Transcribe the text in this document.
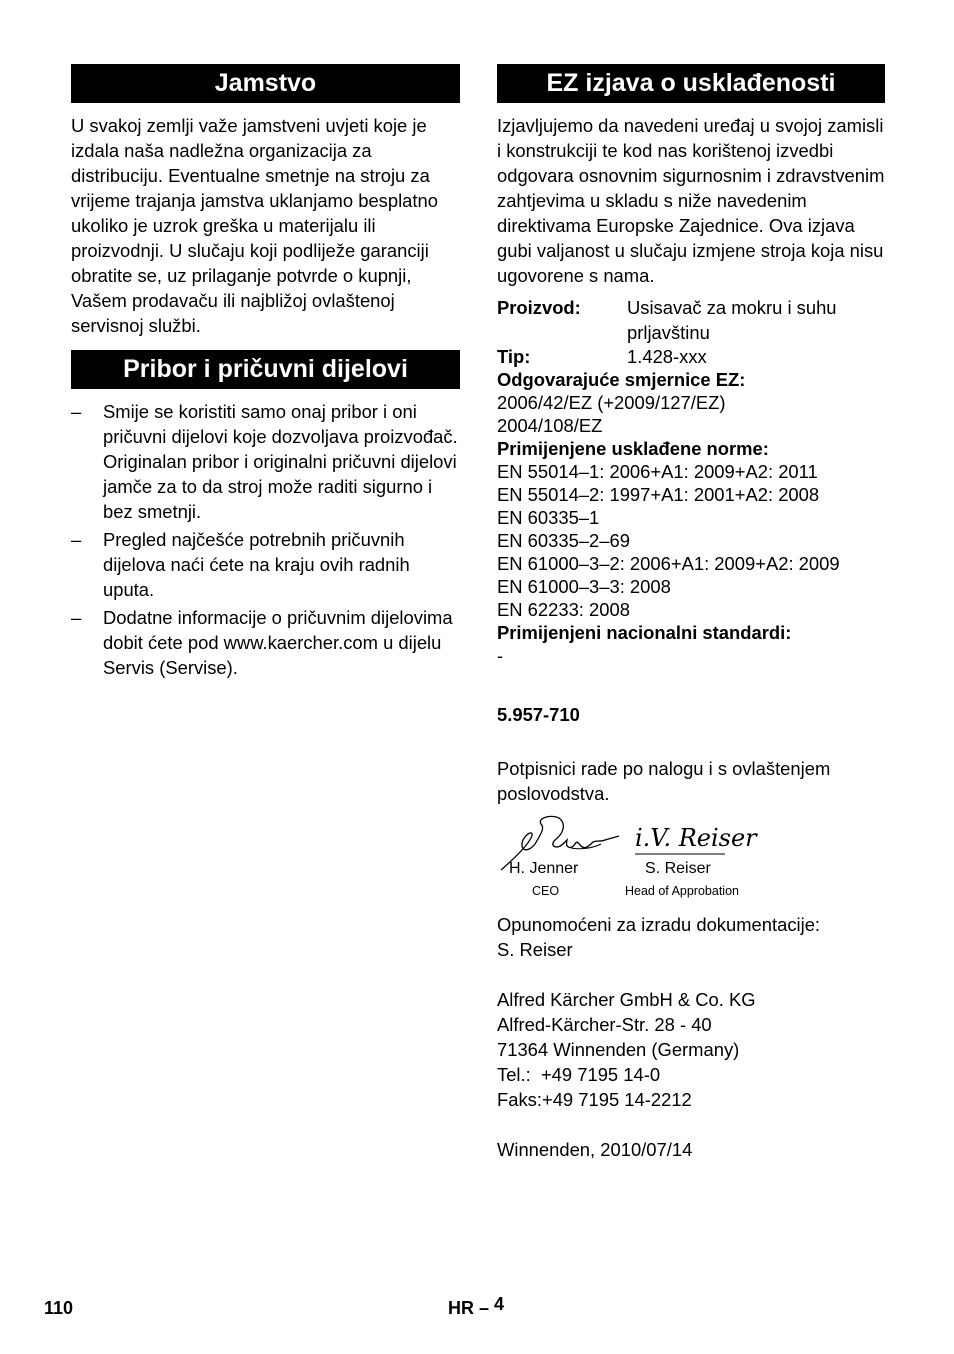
Jamstvo

U svakoj zemlji važe jamstveni uvjeti koje je izdala naša nadležna organizacija za distribuciju. Eventualne smetnje na stroju za vrijeme trajanja jamstva uklanjamo besplatno ukoliko je uzrok greška u materijalu ili proizvodnji. U slučaju koji podliježe garanciji obratite se, uz prilaganje potvrde o kupnji, Vašem prodavaču ili najbližoj ovlaštenoj servisnoj službi.

Pribor i pričuvni dijelovi
– Smije se koristiti samo onaj pribor i oni pričuvni dijelovi koje dozvoljava proizvođač. Originalan pribor i originalni pričuvni dijelovi jamče za to da stroj može raditi sigurno i bez smetnji.
– Pregled najčešće potrebnih pričuvnih dijelova naći ćete na kraju ovih radnih uputa.
– Dodatne informacije o pričuvnim dijelovima dobit ćete pod www.kaercher.com u dijelu Servis (Servise).
EZ izjava o usklađenosti

Izjavljujemo da navedeni uređaj u svojoj zamisli i konstrukciji te kod nas korištenoj izvedbi odgovara osnovnim sigurnosnim i zdravstvenim zahtjevima u skladu s niže navedenim direktivama Europske Zajednice. Ova izjava gubi valjanost u slučaju izmjene stroja koja nisu ugovorene s nama.

Proizvod:	Usisavač za mokru i suhu prljavštinu
Tip:	1.428-xxx
Odgovarajuće smjernice EZ:
2006/42/EZ (+2009/127/EZ)
2004/108/EZ
Primijenjene usklađene norme:
EN 55014–1: 2006+A1: 2009+A2: 2011
EN 55014–2: 1997+A1: 2001+A2: 2008
EN 60335–1
EN 60335–2–69
EN 61000–3–2: 2006+A1: 2009+A2: 2009
EN 61000–3–3: 2008
EN 62233: 2008
Primijenjeni nacionalni standardi:
-
5.957-710

Potpisnici rade po nalogu i s ovlaštenjem poslovodstva.

H. Jenner
CEO
i.V. Reiser
S. Reiser
Head of Approbation
Opunomoćeni za izradu dokumentacije:
S. Reiser
Alfred Kärcher GmbH & Co. KG
Alfred-Kärcher-Str. 28 - 40
71364 Winnenden (Germany)
Tel.:  +49 7195 14-0
Faks:+49 7195 14-2212
Winnenden, 2010/07/14
110	HR – 4
